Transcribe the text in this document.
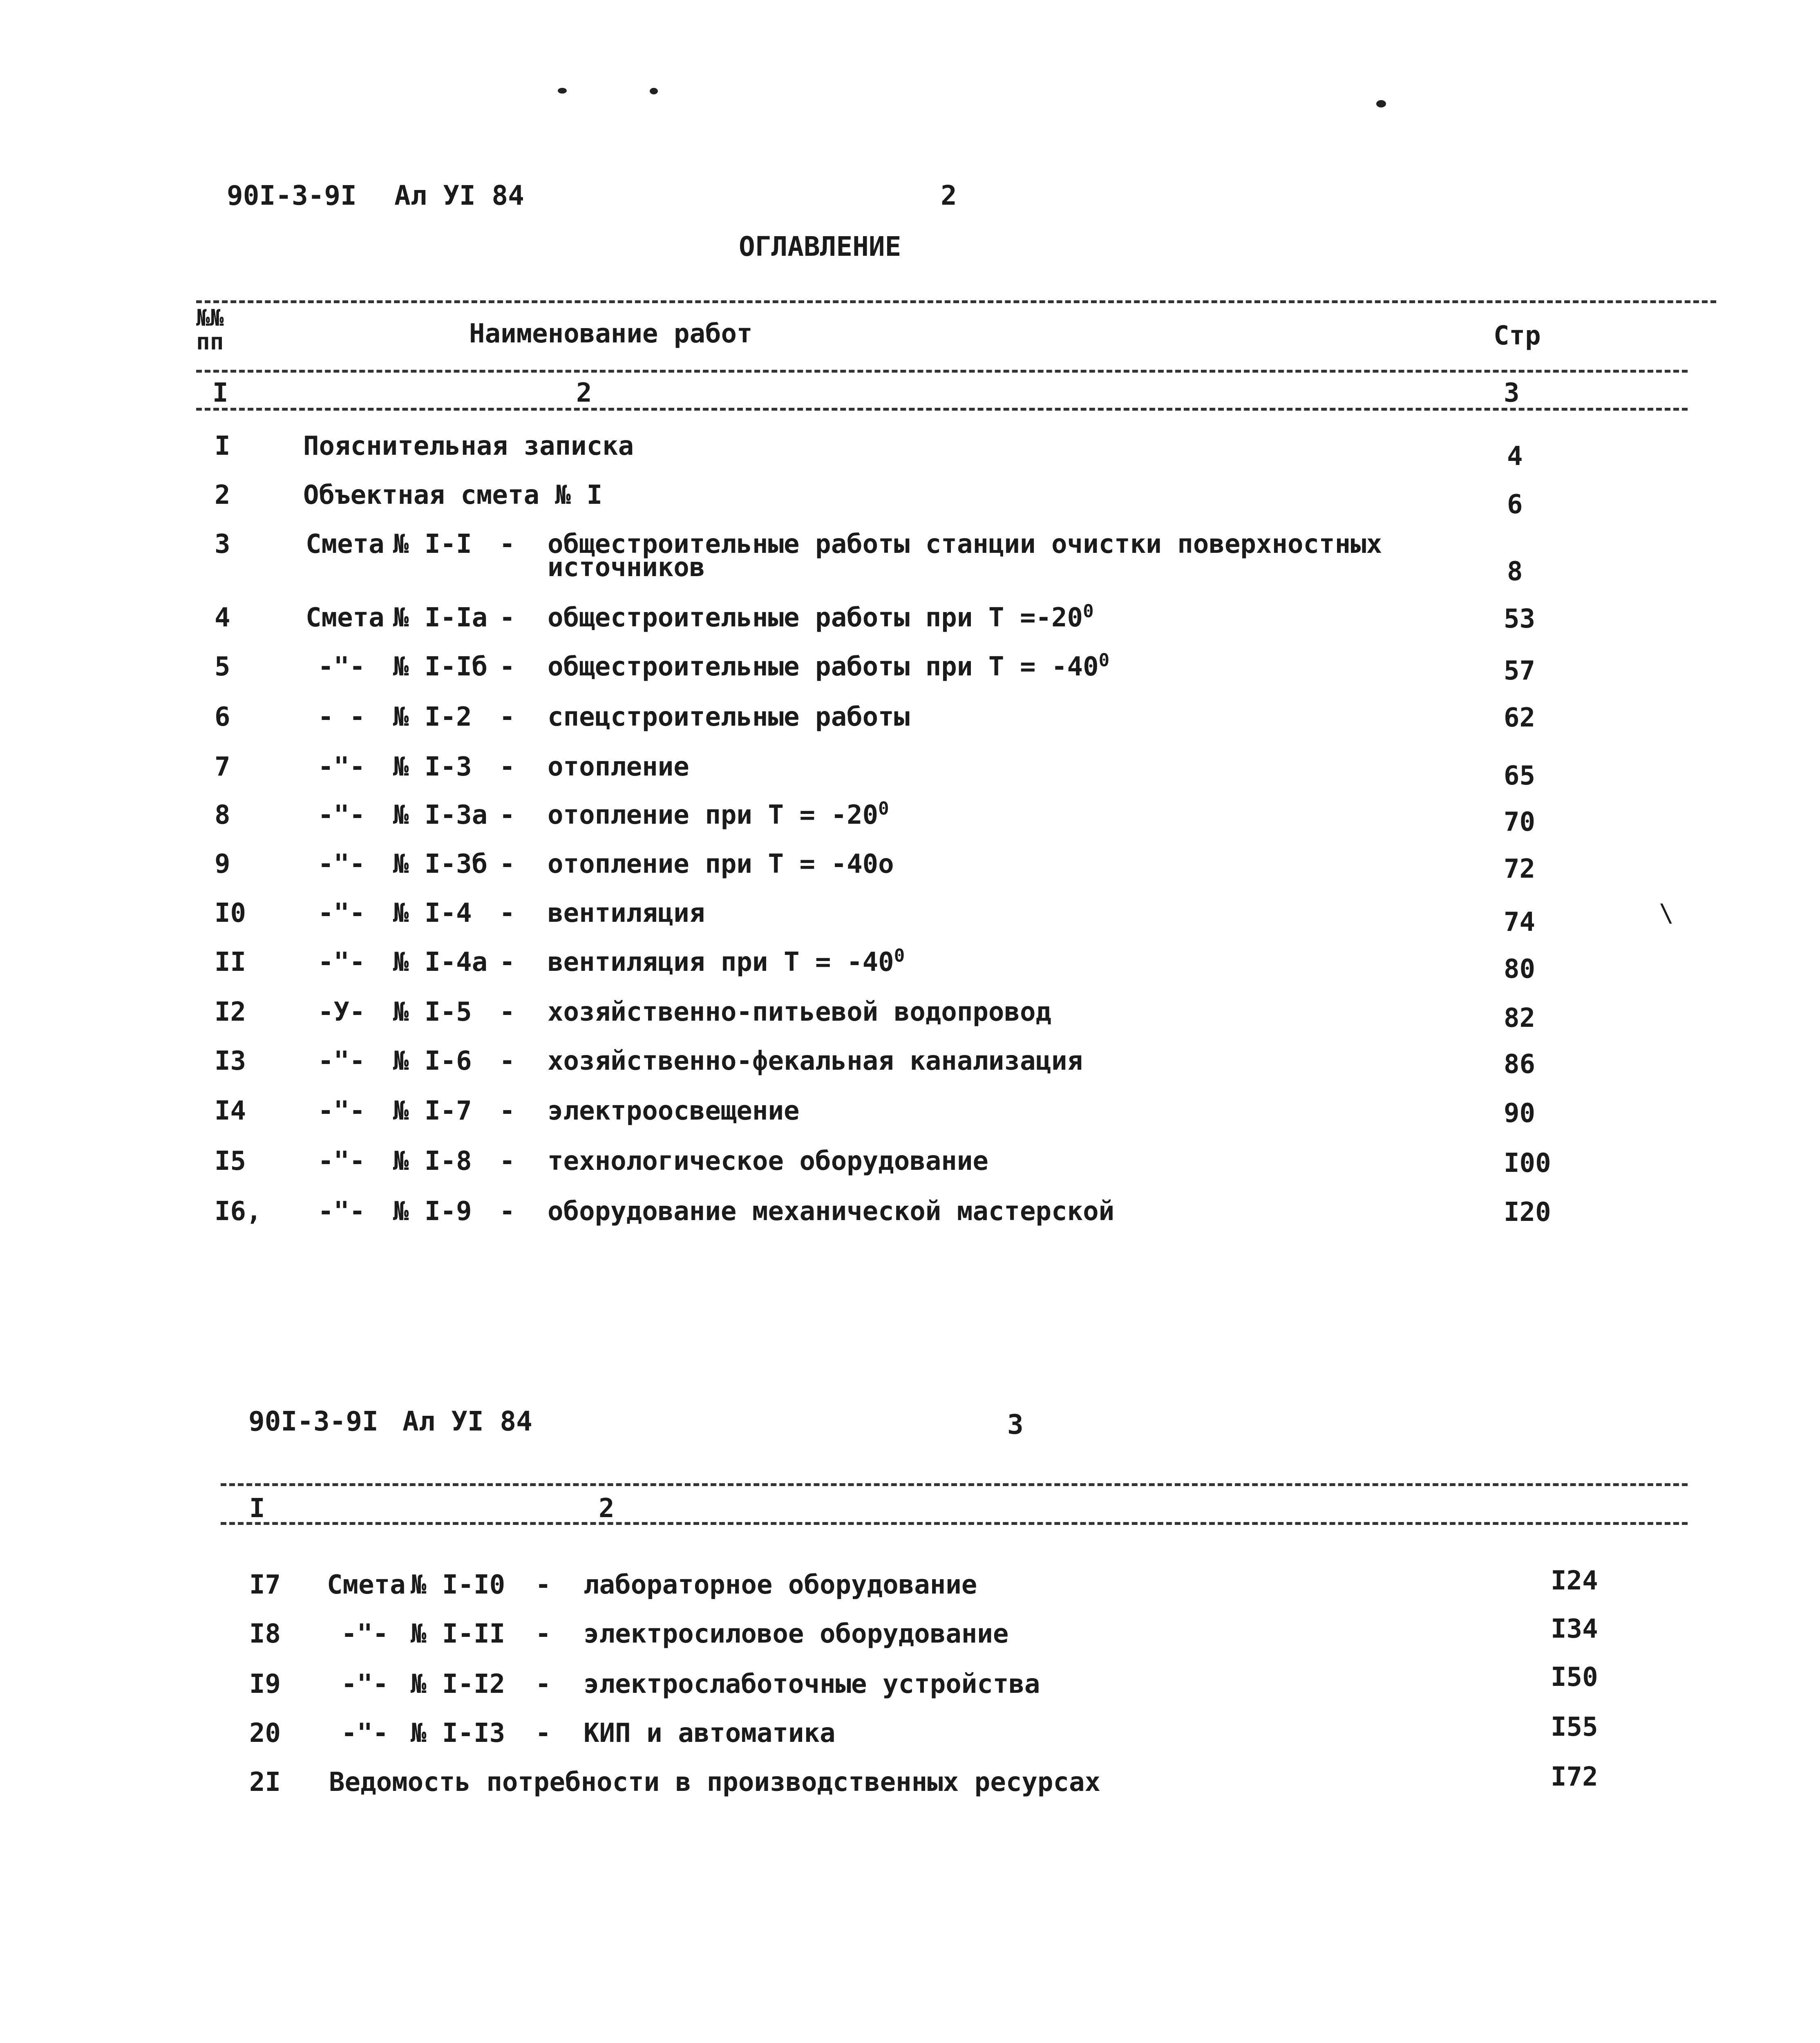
\
90I-3-9I Ал УI 84	2
ОГЛАВЛЕНИЕ
№№
пп	Наименование работ	Стр
I	2	3
I	Пояснительная записка	4
2	Объектная смета № I	6
3	Смета № I-I - общестроительные работы станции очистки поверхностных
источников	8
4	Смета № I-Iа - общестроительные работы при $Т =-20^0$	53
5	-"- № I-Iб - общестроительные работы при $Т = -40^0$	57
6	- - № I-2 - спецстроительные работы	62
7	-"- № I-3 - отопление	65
8	-"- № I-3а - отопление при $Т = -20^0$	70
9	-"- № I-3б - отопление при Т = -40о	72
I0	-"- № I-4 - вентиляция	74
II	-"- № I-4а - вентиляция при $Т = -40^0$	80
I2	-У- № I-5 - хозяйственно-питьевой водопровод	82
I3	-"- № I-6 - хозяйственно-фекальная канализация	86
I4	-"- № I-7 - электроосвещение	90
I5	-"- № I-8 - технологическое оборудование	I00
I6, -"- № I-9 - оборудование механической мастерской	I20
90I-3-9I Ал УI 84	3
I	2
I7 Смета № I-I0 - лабораторное оборудование	I24
I8 -"- № I-II - электросиловое оборудование	I34
I9 -"- № I-I2 - электрослаботочные устройства	I50
20 -"- № I-I3 - КИП и автоматика	I55
2I Ведомость потребности в производственных ресурсах	I72
